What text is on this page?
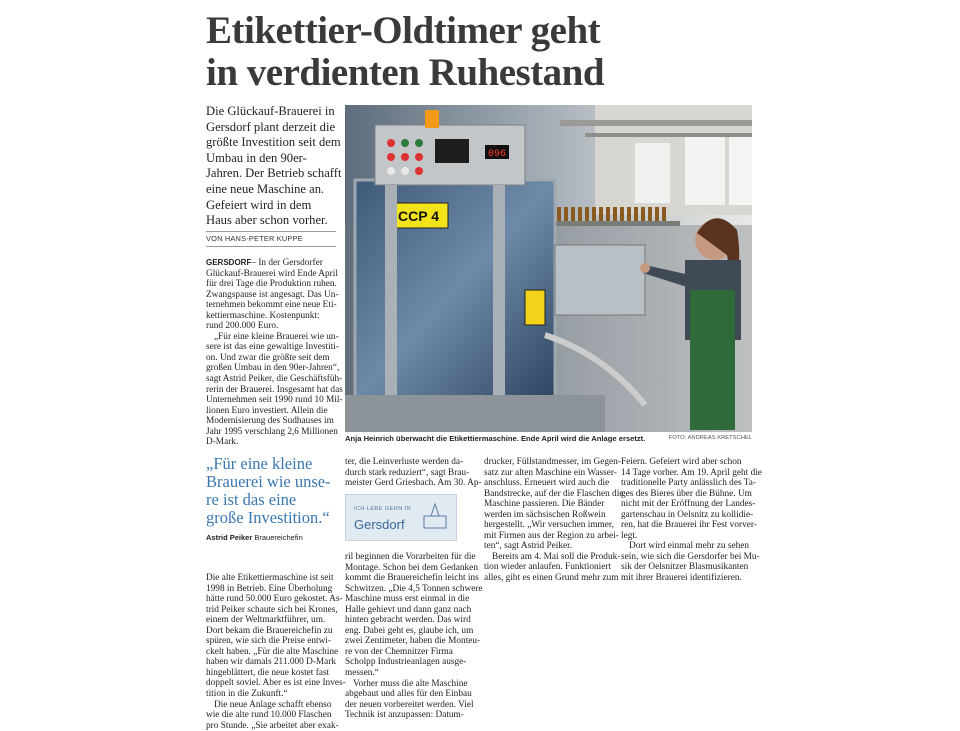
Etikettier-Oldtimer geht
in verdienten Ruhestand
Die Glückauf-Brauerei in
Gersdorf plant derzeit die
größte Investition seit dem
Umbau in den 90er-
Jahren. Der Betrieb schafft
eine neue Maschine an.
Gefeiert wird in dem
Haus aber schon vorher.
VON HANS-PETER KUPPE
GERSDORF– In der Gersdorfer
Glückauf-Brauerei wird Ende April
für drei Tage die Produktion ruhen.
Zwangspause ist angesagt. Das Un-
ternehmen bekommt eine neue Eti-
kettiermaschine. Kostenpunkt:
rund 200.000 Euro.
„Für eine kleine Brauerei wie un-
sere ist das eine gewaltige Investiti-
on. Und zwar die größte seit dem
großen Umbau in den 90er-Jahren“,
sagt Astrid Peiker, die Geschäftsfüh-
rerin der Brauerei. Insgesamt hat das
Unternehmen seit 1990 rund 10 Mil-
lionen Euro investiert. Allein die
Modernisierung des Sudhauses im
Jahr 1995 verschlang 2,6 Millionen
D-Mark.
096
CCP 4
Anja Heinrich überwacht die Etikettiermaschine. Ende April wird die Anlage ersetzt.	FOTO: ANDREAS KRETSCHEL
„Für eine kleine
Brauerei wie unse-
re ist das eine
große Investition.“
Astrid Peiker Brauereichefin
Die alte Etikettiermaschine ist seit
1998 in Betrieb. Eine Überholung
hätte rund 50.000 Euro gekostet. As-
trid Peiker schaute sich bei Krones,
einem der Weltmarktführer, um.
Dort bekam die Brauereichefin zu
spüren, wie sich die Preise entwi-
ckelt haben. „Für die alte Maschine
haben wir damals 211.000 D-Mark
hingeblättert, die neue kostet fast
doppelt soviel. Aber es ist eine Inves-
tition in die Zukunft.“
Die neue Anlage schafft ebenso
wie die alte rund 10.000 Flaschen
pro Stunde. „Sie arbeitet aber exak-
ter, die Leinverluste werden da-
durch stark reduziert“, sagt Brau-
meister Gerd Griesbach. Am 30. Ap-
ICH LEBE GERN IN
Gersdorf
ril beginnen die Vorarbeiten für die
Montage. Schon bei dem Gedanken
kommt die Brauereichefin leicht ins
Schwitzen. „Die 4,5 Tonnen schwere
Maschine muss erst einmal in die
Halle gehievt und dann ganz nach
hinten gebracht werden. Das wird
eng. Dabei geht es, glaube ich, um
zwei Zentimeter, haben die Monteu-
re von der Chemnitzer Firma
Scholpp Industrieanlagen ausge-
messen.“
Vorher muss die alte Maschine
abgebaut und alles für den Einbau
der neuen vorbereitet werden. Viel
Technik ist anzupassen: Datum-
drucker, Füllstandmesser, im Gegen-
satz zur alten Maschine ein Wasser-
anschluss. Erneuert wird auch die
Bandstrecke, auf der die Flaschen die
Maschine passieren. Die Bänder
werden im sächsischen Roßwein
hergestellt. „Wir versuchen immer,
mit Firmen aus der Region zu arbei-
ten“, sagt Astrid Peiker.
Bereits am 4. Mai soll die Produk-
tion wieder anlaufen. Funktioniert
alles, gibt es einen Grund mehr zum
Feiern. Gefeiert wird aber schon
14 Tage vorher. Am 19. April geht die
traditionelle Party anlässlich des Ta-
ges des Bieres über die Bühne. Um
nicht mit der Eröffnung der Landes-
gartenschau in Oelsnitz zu kollidie-
ren, hat die Brauerei ihr Fest vorver-
legt.
Dort wird einmal mehr zu sehen
sein, wie sich die Gersdorfer bei Mu-
sik der Oelsnitzer Blasmusikanten
mit ihrer Brauerei identifizieren.
